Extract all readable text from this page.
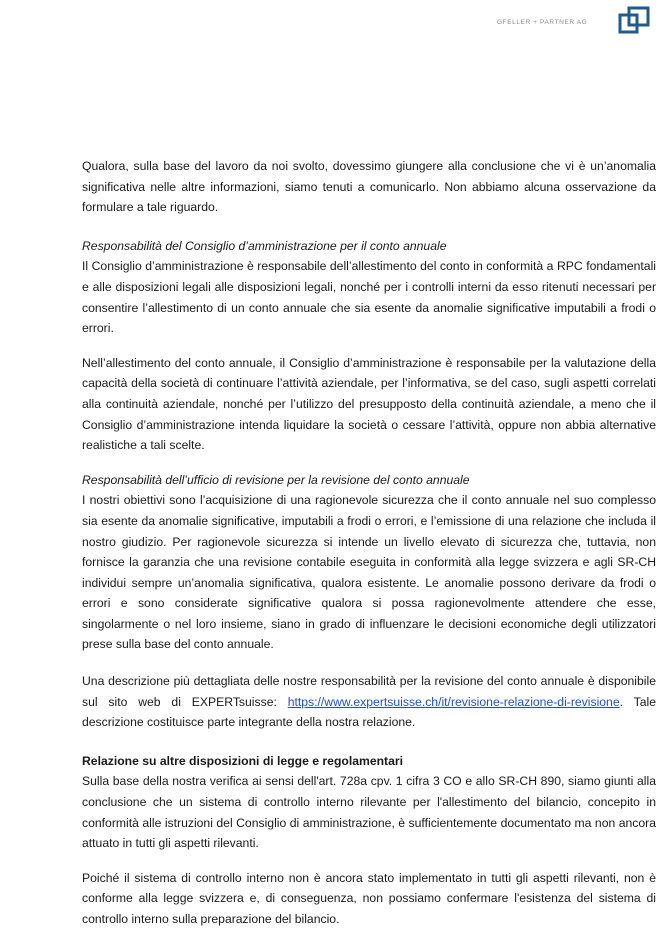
GFELLER + PARTNER AG

Qualora, sulla base del lavoro da noi svolto, dovessimo giungere alla conclusione che vi è un’anomalia significativa nelle altre informazioni, siamo tenuti a comunicarlo. Non abbiamo alcuna osservazione da formulare a tale riguardo.

Responsabilità del Consiglio d’amministrazione per il conto annuale

Il Consiglio d’amministrazione è responsabile dell’allestimento del conto in conformità a RPC fondamentali e alle disposizioni legali alle disposizioni legali, nonché per i controlli interni da esso ritenuti necessari per consentire l’allestimento di un conto annuale che sia esente da anomalie significative imputabili a frodi o errori.

Nell’allestimento del conto annuale, il Consiglio d’amministrazione è responsabile per la valutazione della capacità della società di continuare l’attività aziendale, per l’informativa, se del caso, sugli aspetti correlati alla continuità aziendale, nonché per l’utilizzo del presupposto della continuità aziendale, a meno che il Consiglio d’amministrazione intenda liquidare la società o cessare l’attività, oppure non abbia alternative realistiche a tali scelte.

Responsabilità dell’ufficio di revisione per la revisione del conto annuale

I nostri obiettivi sono l’acquisizione di una ragionevole sicurezza che il conto annuale nel suo complesso sia esente da anomalie significative, imputabili a frodi o errori, e l’emissione di una relazione che includa il nostro giudizio. Per ragionevole sicurezza si intende un livello elevato di sicurezza che, tuttavia, non fornisce la garanzia che una revisione contabile eseguita in conformità alla legge svizzera e agli SR-CH individui sempre un’anomalia significativa, qualora esistente. Le anomalie possono derivare da frodi o errori e sono considerate significative qualora si possa ragionevolmente attendere che esse, singolarmente o nel loro insieme, siano in grado di influenzare le decisioni economiche degli utilizzatori prese sulla base del conto annuale.

Una descrizione più dettagliata delle nostre responsabilità per la revisione del conto annuale è disponibile sul sito web di EXPERTsuisse: https://www.expertsuisse.ch/it/revisione-relazione-di-revisione. Tale descrizione costituisce parte integrante della nostra relazione.

Relazione su altre disposizioni di legge e regolamentari

Sulla base della nostra verifica ai sensi dell'art. 728a cpv. 1 cifra 3 CO e allo SR-CH 890, siamo giunti alla conclusione che un sistema di controllo interno rilevante per l'allestimento del bilancio, concepito in conformità alle istruzioni del Consiglio di amministrazione, è sufficientemente documentato ma non ancora attuato in tutti gli aspetti rilevanti.

Poiché il sistema di controllo interno non è ancora stato implementato in tutti gli aspetti rilevanti, non è conforme alla legge svizzera e, di conseguenza, non possiamo confermare l'esistenza del sistema di controllo interno sulla preparazione del bilancio.
